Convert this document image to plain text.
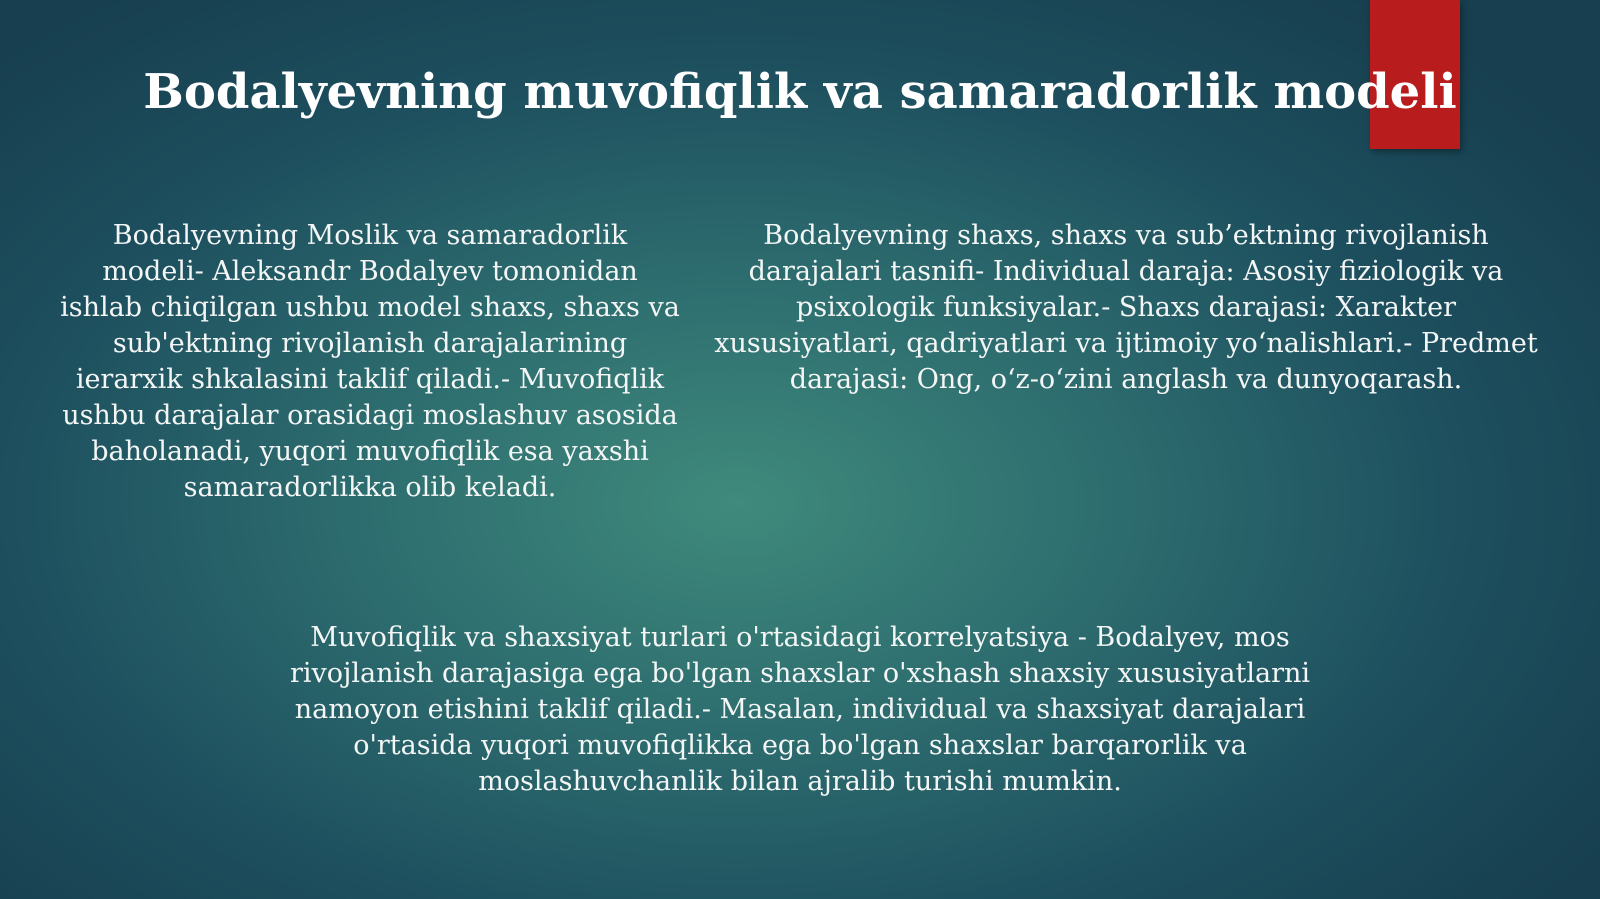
Bodalyevning muvofiqlik va samaradorlik modeli

Bodalyevning Moslik va samaradorlik modeli- Aleksandr Bodalyev tomonidan ishlab chiqilgan ushbu model shaxs, shaxs va sub'ektning rivojlanish darajalarining ierarxik shkalasini taklif qiladi.- Muvofiqlik ushbu darajalar orasidagi moslashuv asosida baholanadi, yuqori muvofiqlik esa yaxshi samaradorlikka olib keladi.

Bodalyevning shaxs, shaxs va sub’ektning rivojlanish darajalari tasnifi- Individual daraja: Asosiy fiziologik va psixologik funksiyalar.- Shaxs darajasi: Xarakter xususiyatlari, qadriyatlari va ijtimoiy yo‘nalishlari.- Predmet darajasi: Ong, o‘z-o‘zini anglash va dunyoqarash.

Muvofiqlik va shaxsiyat turlari o'rtasidagi korrelyatsiya - Bodalyev, mos rivojlanish darajasiga ega bo'lgan shaxslar o'xshash shaxsiy xususiyatlarni namoyon etishini taklif qiladi.- Masalan, individual va shaxsiyat darajalari o'rtasida yuqori muvofiqlikka ega bo'lgan shaxslar barqarorlik va moslashuvchanlik bilan ajralib turishi mumkin.
